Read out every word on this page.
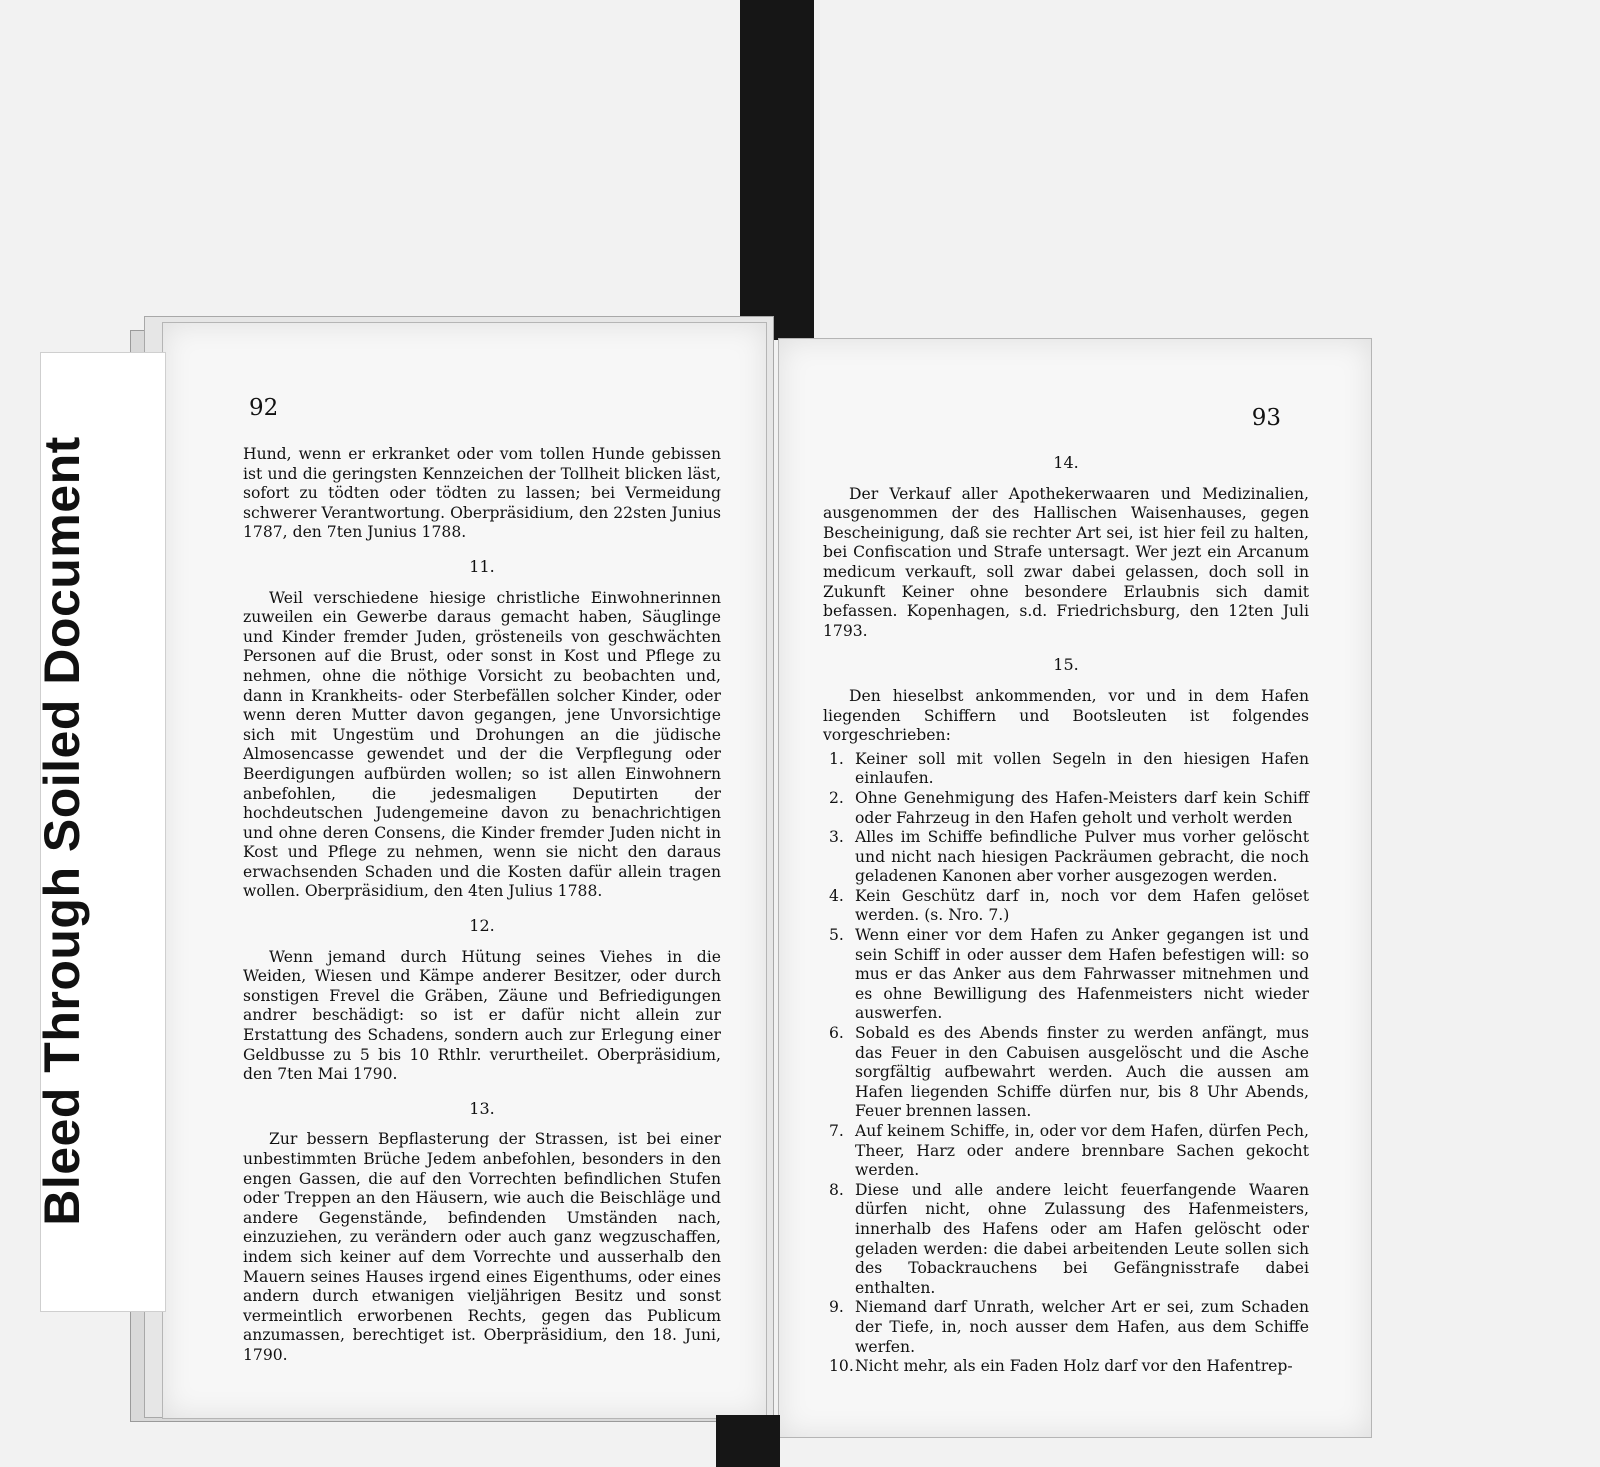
92

Hund, wenn er erkranket oder vom tollen Hunde gebissen ist und die geringsten Kennzeichen der Tollheit blicken läst, sofort zu tödten oder tödten zu lassen; bei Vermeidung schwerer Verantwortung. Oberpräsidium, den 22sten Junius 1787, den 7ten Junius 1788.

11.

Weil verschiedene hiesige christliche Einwohnerinnen zuweilen ein Gewerbe daraus gemacht haben, Säuglinge und Kinder fremder Juden, grösteneils von geschwächten Personen auf die Brust, oder sonst in Kost und Pflege zu nehmen, ohne die nöthige Vorsicht zu beobachten und, dann in Krankheits- oder Sterbefällen solcher Kinder, oder wenn deren Mutter davon gegangen, jene Unvorsichtige sich mit Ungestüm und Drohungen an die jüdische Almosencasse gewendet und der die Verpflegung oder Beerdigungen aufbürden wollen; so ist allen Einwohnern anbefohlen, die jedesmaligen Deputirten der hochdeutschen Judengemeine davon zu benachrichtigen und ohne deren Consens, die Kinder fremder Juden nicht in Kost und Pflege zu nehmen, wenn sie nicht den daraus erwachsenden Schaden und die Kosten dafür allein tragen wollen. Oberpräsidium, den 4ten Julius 1788.

12.

Wenn jemand durch Hütung seines Viehes in die Weiden, Wiesen und Kämpe anderer Besitzer, oder durch sonstigen Frevel die Gräben, Zäune und Befriedigungen andrer beschädigt: so ist er dafür nicht allein zur Erstattung des Schadens, sondern auch zur Erlegung einer Geldbusse zu 5 bis 10 Rthlr. verurtheilet. Oberpräsidium, den 7ten Mai 1790.

13.

Zur bessern Bepflasterung der Strassen, ist bei einer unbestimmten Brüche Jedem anbefohlen, besonders in den engen Gassen, die auf den Vorrechten befindlichen Stufen oder Treppen an den Häusern, wie auch die Beischläge und andere Gegenstände, befindenden Umständen nach, einzuziehen, zu verändern oder auch ganz wegzuschaffen, indem sich keiner auf dem Vorrechte und ausserhalb den Mauern seines Hauses irgend eines Eigenthums, oder eines andern durch etwanigen vieljährigen Besitz und sonst vermeintlich erworbenen Rechts, gegen das Publicum anzumassen, berechtiget ist. Oberpräsidium, den 18. Juni, 1790.

93
14.

Der Verkauf aller Apothekerwaaren und Medizinalien, ausgenommen der des Hallischen Waisenhauses, gegen Bescheinigung, daß sie rechter Art sei, ist hier feil zu halten, bei Confiscation und Strafe untersagt. Wer jezt ein Arcanum medicum verkauft, soll zwar dabei gelassen, doch soll in Zukunft Keiner ohne besondere Erlaubnis sich damit befassen. Kopenhagen, s.d. Friedrichsburg, den 12ten Juli 1793.

15.

Den hieselbst ankommenden, vor und in dem Hafen liegenden Schiffern und Bootsleuten ist folgendes vorgeschrieben:

1. Keiner soll mit vollen Segeln in den hiesigen Hafen einlaufen.
2. Ohne Genehmigung des Hafen-Meisters darf kein Schiff oder Fahrzeug in den Hafen geholt und verholt werden
3. Alles im Schiffe befindliche Pulver mus vorher gelöscht und nicht nach hiesigen Packräumen gebracht, die noch geladenen Kanonen aber vorher ausgezogen werden.
4. Kein Geschütz darf in, noch vor dem Hafen gelöset werden. (s. Nro. 7.)
5. Wenn einer vor dem Hafen zu Anker gegangen ist und sein Schiff in oder ausser dem Hafen befestigen will: so mus er das Anker aus dem Fahrwasser mitnehmen und es ohne Bewilligung des Hafenmeisters nicht wieder auswerfen.
6. Sobald es des Abends finster zu werden anfängt, mus das Feuer in den Cabuisen ausgelöscht und die Asche sorgfältig aufbewahrt werden. Auch die aussen am Hafen liegenden Schiffe dürfen nur, bis 8 Uhr Abends, Feuer brennen lassen.
7. Auf keinem Schiffe, in, oder vor dem Hafen, dürfen Pech, Theer, Harz oder andere brennbare Sachen gekocht werden.
8. Diese und alle andere leicht feuerfangende Waaren dürfen nicht, ohne Zulassung des Hafenmeisters, innerhalb des Hafens oder am Hafen gelöscht oder geladen werden: die dabei arbeitenden Leute sollen sich des Tobackrauchens bei Gefängnisstrafe dabei enthalten.
9. Niemand darf Unrath, welcher Art er sei, zum Schaden der Tiefe, in, noch ausser dem Hafen, aus dem Schiffe werfen.
10. Nicht mehr, als ein Faden Holz darf vor den Hafentrep-
Bleed Through Soiled Document
